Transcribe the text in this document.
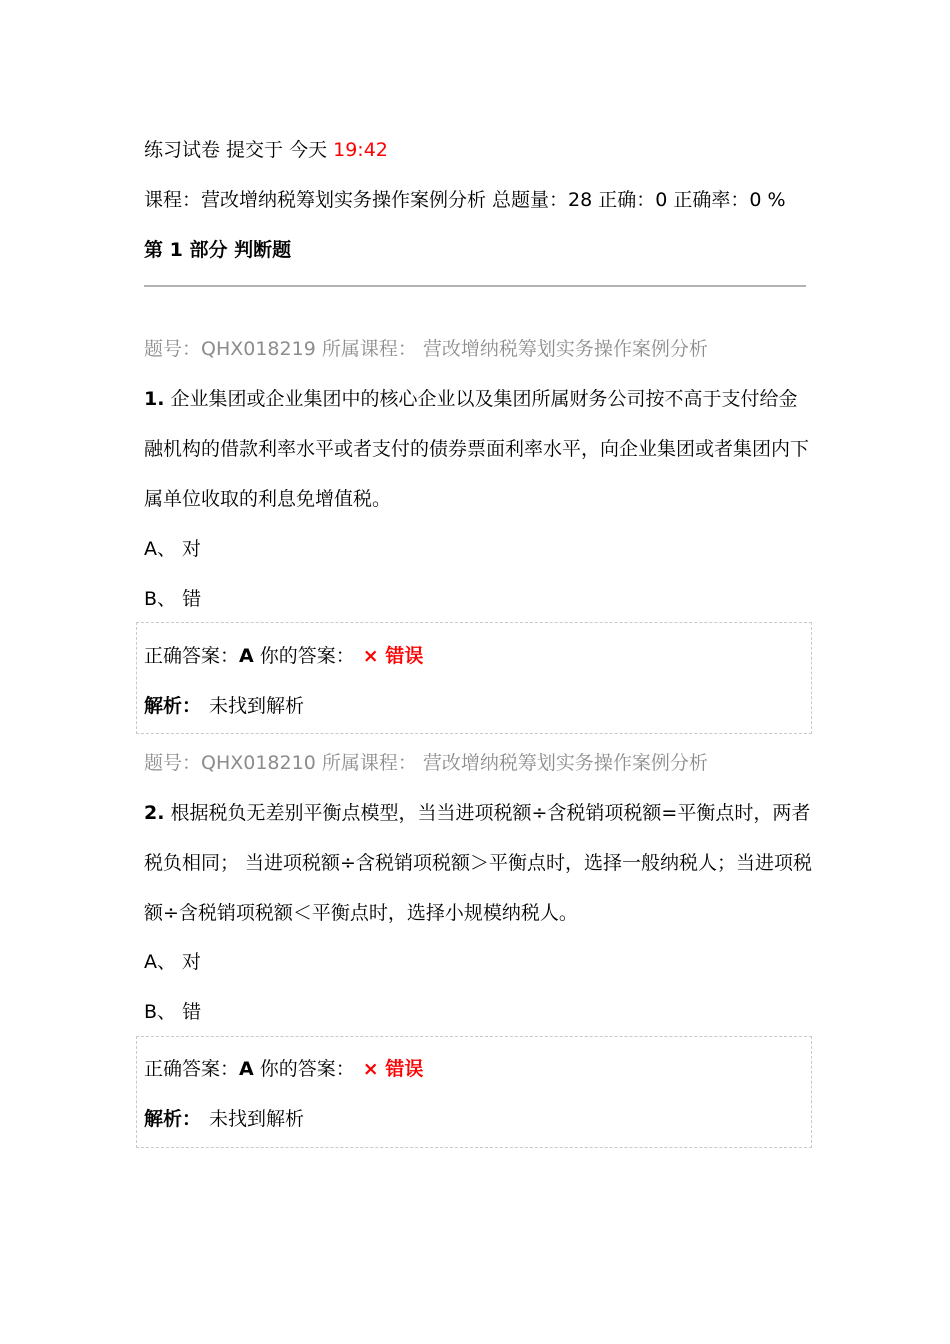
练习试卷 提交于 今天 19:42
课程：营改增纳税筹划实务操作案例分析 总题量：28 正确：0 正确率：0 %
第 1 部分 判断题
题号：QHX018219 所属课程： 营改增纳税筹划实务操作案例分析
1. 企业集团或企业集团中的核心企业以及集团所属财务公司按不高于支付给金
融机构的借款利率水平或者支付的债券票面利率水平，向企业集团或者集团内下
属单位收取的利息免增值税。
A、 对
B、 错
正确答案：A 你的答案： × 错误
解析： 未找到解析
题号：QHX018210 所属课程： 营改增纳税筹划实务操作案例分析
2. 根据税负无差别平衡点模型，当当进项税额÷含税销项税额=平衡点时，两者
税负相同； 当进项税额÷含税销项税额＞平衡点时，选择一般纳税人；当进项税
额÷含税销项税额＜平衡点时，选择小规模纳税人。
A、 对
B、 错
正确答案：A 你的答案： × 错误
解析： 未找到解析
